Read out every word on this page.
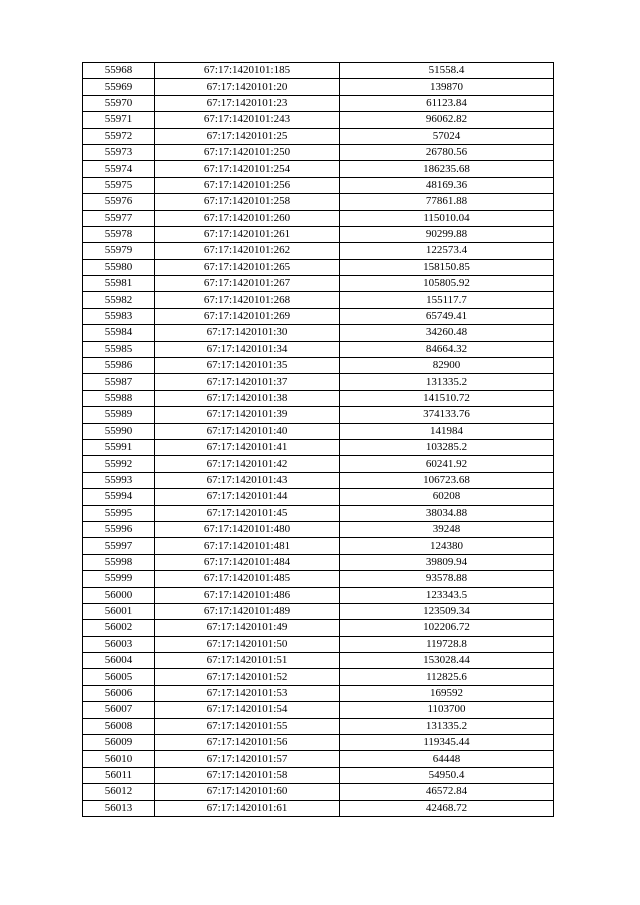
55968	67:17:1420101:185	51558.4
55969	67:17:1420101:20	139870
55970	67:17:1420101:23	61123.84
55971	67:17:1420101:243	96062.82
55972	67:17:1420101:25	57024
55973	67:17:1420101:250	26780.56
55974	67:17:1420101:254	186235.68
55975	67:17:1420101:256	48169.36
55976	67:17:1420101:258	77861.88
55977	67:17:1420101:260	115010.04
55978	67:17:1420101:261	90299.88
55979	67:17:1420101:262	122573.4
55980	67:17:1420101:265	158150.85
55981	67:17:1420101:267	105805.92
55982	67:17:1420101:268	155117.7
55983	67:17:1420101:269	65749.41
55984	67:17:1420101:30	34260.48
55985	67:17:1420101:34	84664.32
55986	67:17:1420101:35	82900
55987	67:17:1420101:37	131335.2
55988	67:17:1420101:38	141510.72
55989	67:17:1420101:39	374133.76
55990	67:17:1420101:40	141984
55991	67:17:1420101:41	103285.2
55992	67:17:1420101:42	60241.92
55993	67:17:1420101:43	106723.68
55994	67:17:1420101:44	60208
55995	67:17:1420101:45	38034.88
55996	67:17:1420101:480	39248
55997	67:17:1420101:481	124380
55998	67:17:1420101:484	39809.94
55999	67:17:1420101:485	93578.88
56000	67:17:1420101:486	123343.5
56001	67:17:1420101:489	123509.34
56002	67:17:1420101:49	102206.72
56003	67:17:1420101:50	119728.8
56004	67:17:1420101:51	153028.44
56005	67:17:1420101:52	112825.6
56006	67:17:1420101:53	169592
56007	67:17:1420101:54	1103700
56008	67:17:1420101:55	131335.2
56009	67:17:1420101:56	119345.44
56010	67:17:1420101:57	64448
56011	67:17:1420101:58	54950.4
56012	67:17:1420101:60	46572.84
56013	67:17:1420101:61	42468.72
